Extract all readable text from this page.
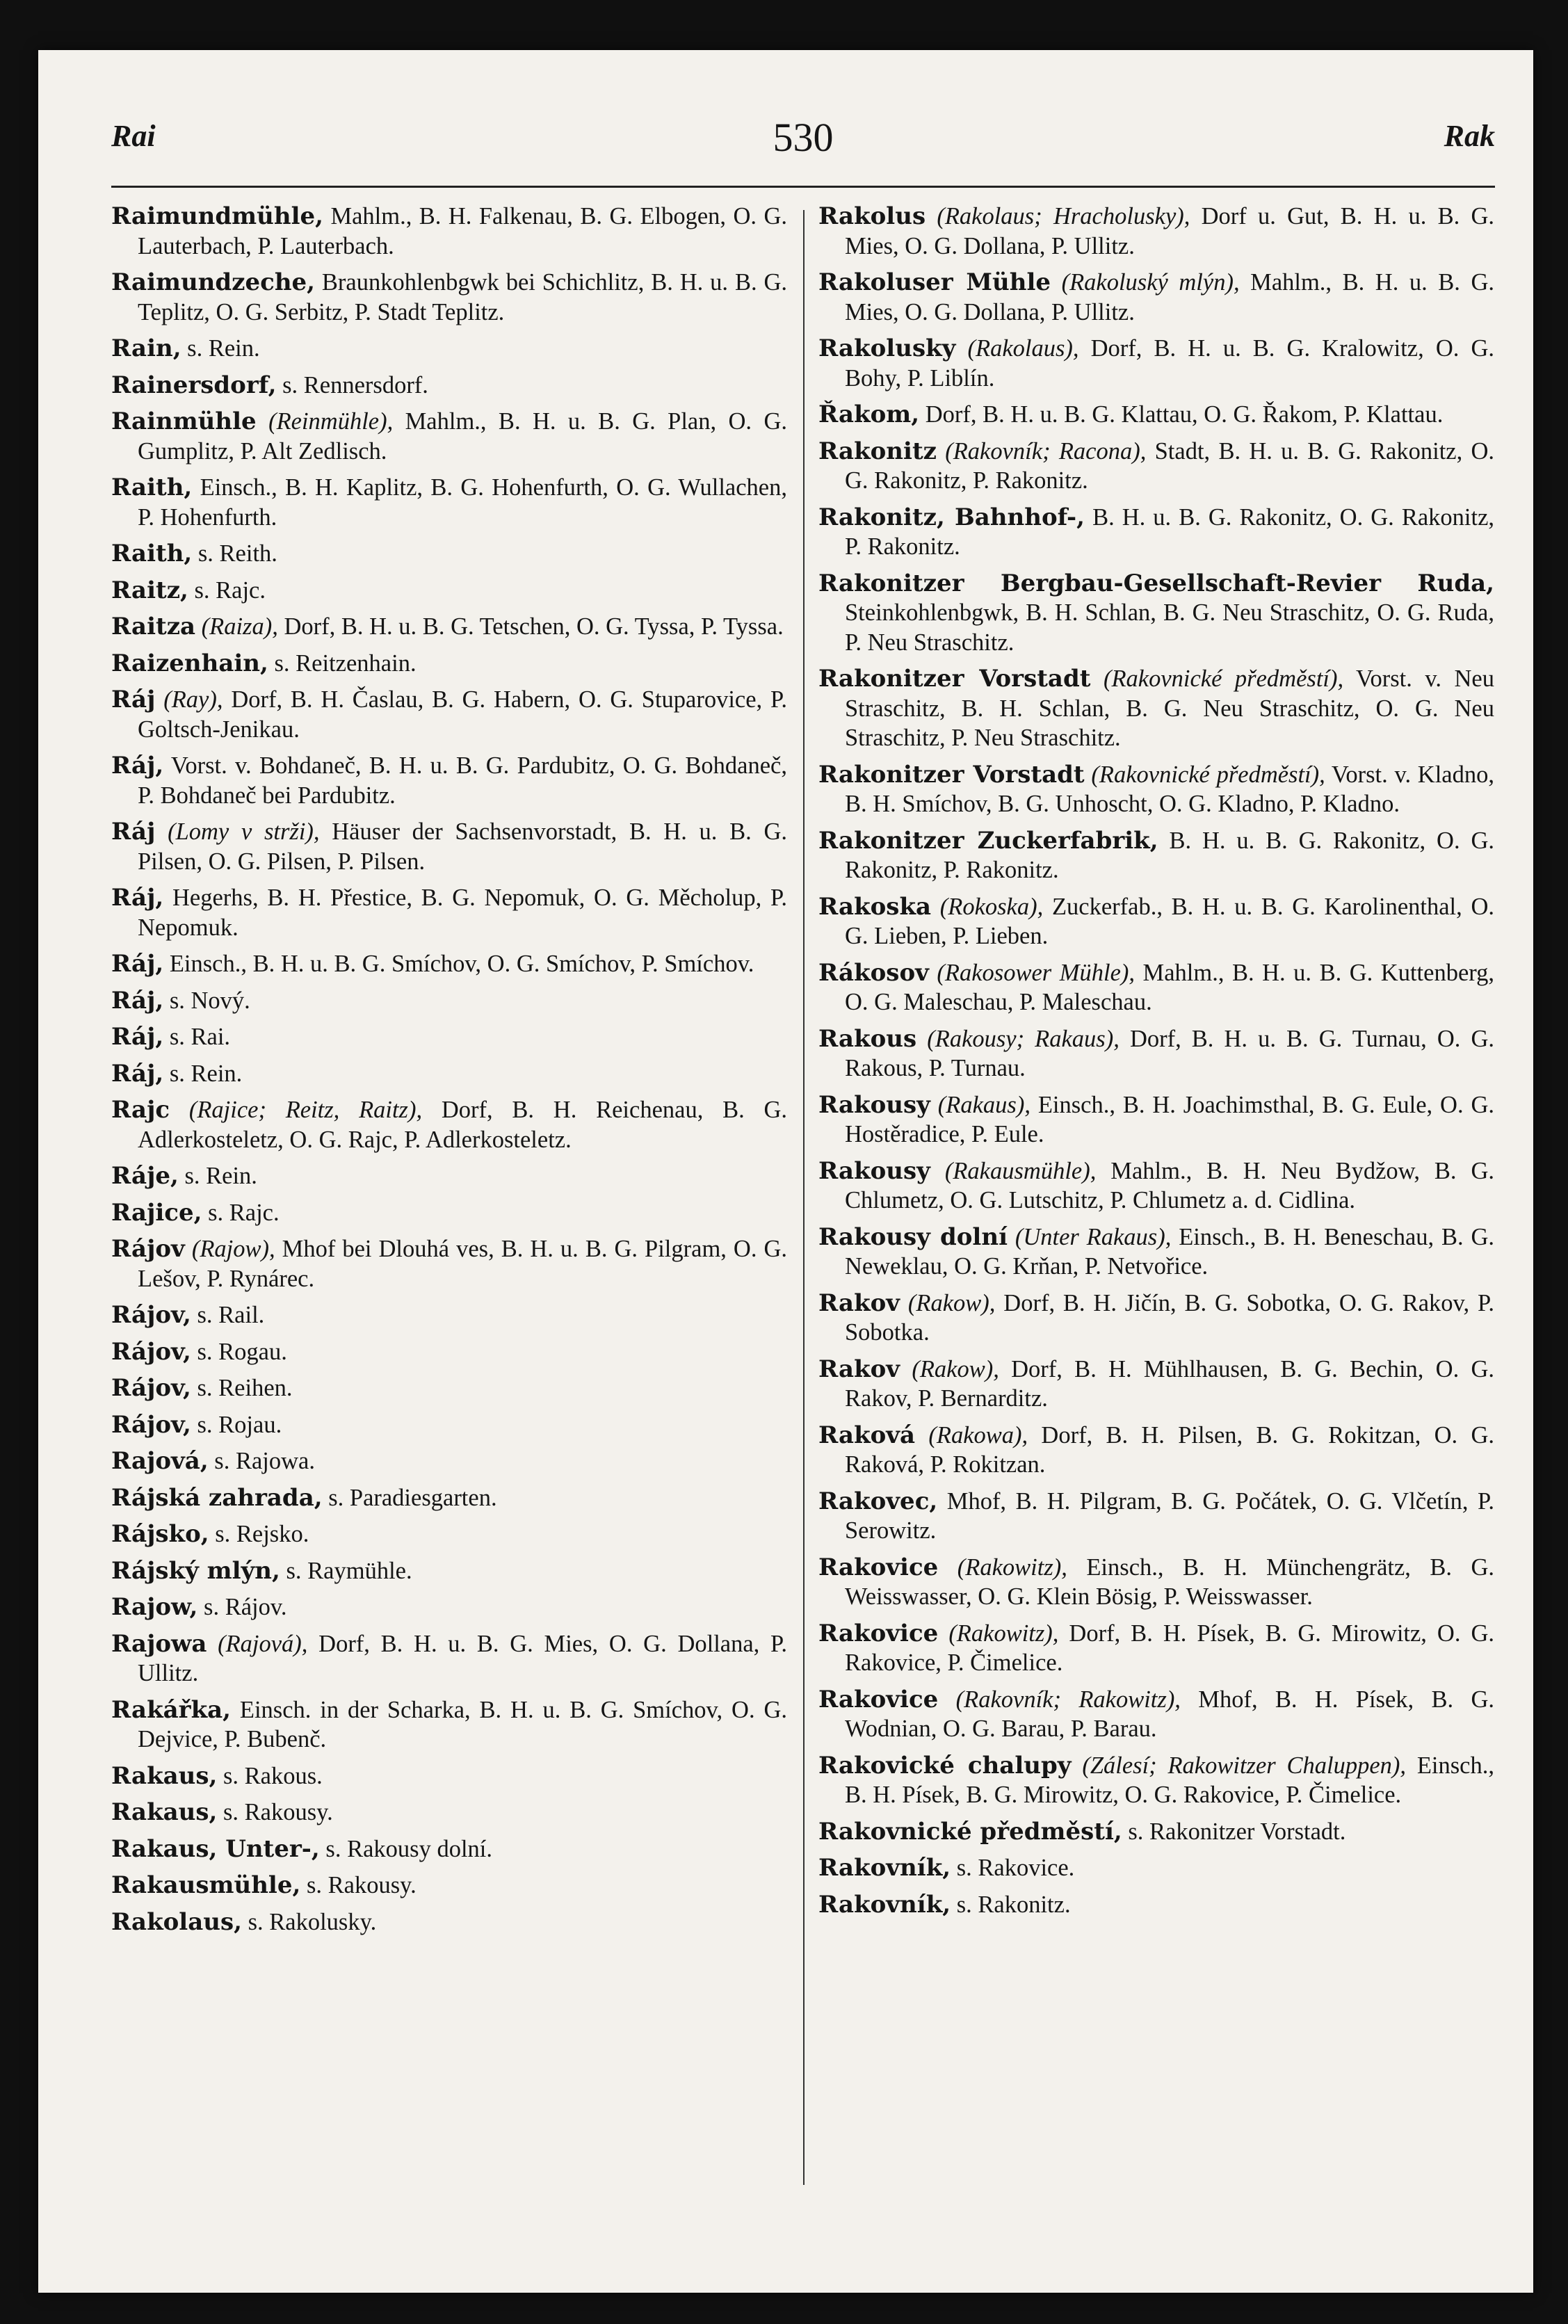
Rai	530	Rak

Raimundmühle, Mahlm., B. H. Falkenau, B. G. Elbogen, O. G. Lauterbach, P. Lauterbach.

Raimundzeche, Braunkohlenbgwk bei Schichlitz, B. H. u. B. G. Teplitz, O. G. Serbitz, P. Stadt Teplitz.

Rain, s. Rein.

Rainersdorf, s. Rennersdorf.

Rainmühle (Reinmühle), Mahlm., B. H. u. B. G. Plan, O. G. Gumplitz, P. Alt Zedlisch.

Raith, Einsch., B. H. Kaplitz, B. G. Hohenfurth, O. G. Wullachen, P. Hohenfurth.

Raith, s. Reith.

Raitz, s. Rajc.

Raitza (Raiza), Dorf, B. H. u. B. G. Tetschen, O. G. Tyssa, P. Tyssa.

Raizenhain, s. Reitzenhain.

Ráj (Ray), Dorf, B. H. Časlau, B. G. Habern, O. G. Stuparovice, P. Goltsch-Jenikau.

Ráj, Vorst. v. Bohdaneč, B. H. u. B. G. Pardubitz, O. G. Bohdaneč, P. Bohdaneč bei Pardubitz.

Ráj (Lomy v strži), Häuser der Sachsenvorstadt, B. H. u. B. G. Pilsen, O. G. Pilsen, P. Pilsen.

Ráj, Hegerhs, B. H. Přestice, B. G. Nepomuk, O. G. Měcholup, P. Nepomuk.

Ráj, Einsch., B. H. u. B. G. Smíchov, O. G. Smíchov, P. Smíchov.

Ráj, s. Nový.

Ráj, s. Rai.

Ráj, s. Rein.

Rajc (Rajice; Reitz, Raitz), Dorf, B. H. Reichenau, B. G. Adlerkosteletz, O. G. Rajc, P. Adlerkosteletz.

Ráje, s. Rein.

Rajice, s. Rajc.

Rájov (Rajow), Mhof bei Dlouhá ves, B. H. u. B. G. Pilgram, O. G. Lešov, P. Rynárec.

Rájov, s. Rail.

Rájov, s. Rogau.

Rájov, s. Reihen.

Rájov, s. Rojau.

Rajová, s. Rajowa.

Rájská zahrada, s. Paradiesgarten.

Rájsko, s. Rejsko.

Rájský mlýn, s. Raymühle.

Rajow, s. Rájov.

Rajowa (Rajová), Dorf, B. H. u. B. G. Mies, O. G. Dollana, P. Ullitz.

Rakářka, Einsch. in der Scharka, B. H. u. B. G. Smíchov, O. G. Dejvice, P. Bubenč.

Rakaus, s. Rakous.

Rakaus, s. Rakousy.

Rakaus, Unter-, s. Rakousy dolní.

Rakausmühle, s. Rakousy.

Rakolaus, s. Rakolusky.

Rakolus (Rakolaus; Hracholusky), Dorf u. Gut, B. H. u. B. G. Mies, O. G. Dollana, P. Ullitz.

Rakoluser Mühle (Rakoluský mlýn), Mahlm., B. H. u. B. G. Mies, O. G. Dollana, P. Ullitz.

Rakolusky (Rakolaus), Dorf, B. H. u. B. G. Kralowitz, O. G. Bohy, P. Liblín.

Řakom, Dorf, B. H. u. B. G. Klattau, O. G. Řakom, P. Klattau.

Rakonitz (Rakovník; Racona), Stadt, B. H. u. B. G. Rakonitz, O. G. Rakonitz, P. Rakonitz.

Rakonitz, Bahnhof-, B. H. u. B. G. Rakonitz, O. G. Rakonitz, P. Rakonitz.

Rakonitzer Bergbau-Gesellschaft-Revier Ruda, Steinkohlenbgwk, B. H. Schlan, B. G. Neu Straschitz, O. G. Ruda, P. Neu Straschitz.

Rakonitzer Vorstadt (Rakovnické předměstí), Vorst. v. Neu Straschitz, B. H. Schlan, B. G. Neu Straschitz, O. G. Neu Straschitz, P. Neu Straschitz.

Rakonitzer Vorstadt (Rakovnické předměstí), Vorst. v. Kladno, B. H. Smíchov, B. G. Unhoscht, O. G. Kladno, P. Kladno.

Rakonitzer Zuckerfabrik, B. H. u. B. G. Rakonitz, O. G. Rakonitz, P. Rakonitz.

Rakoska (Rokoska), Zuckerfab., B. H. u. B. G. Karolinenthal, O. G. Lieben, P. Lieben.

Rákosov (Rakosower Mühle), Mahlm., B. H. u. B. G. Kuttenberg, O. G. Maleschau, P. Maleschau.

Rakous (Rakousy; Rakaus), Dorf, B. H. u. B. G. Turnau, O. G. Rakous, P. Turnau.

Rakousy (Rakaus), Einsch., B. H. Joachimsthal, B. G. Eule, O. G. Hostěradice, P. Eule.

Rakousy (Rakausmühle), Mahlm., B. H. Neu Bydžow, B. G. Chlumetz, O. G. Lutschitz, P. Chlumetz a. d. Cidlina.

Rakousy dolní (Unter Rakaus), Einsch., B. H. Beneschau, B. G. Neweklau, O. G. Krňan, P. Netvořice.

Rakov (Rakow), Dorf, B. H. Jičín, B. G. Sobotka, O. G. Rakov, P. Sobotka.

Rakov (Rakow), Dorf, B. H. Mühlhausen, B. G. Bechin, O. G. Rakov, P. Bernarditz.

Raková (Rakowa), Dorf, B. H. Pilsen, B. G. Rokitzan, O. G. Raková, P. Rokitzan.

Rakovec, Mhof, B. H. Pilgram, B. G. Počátek, O. G. Vlčetín, P. Serowitz.

Rakovice (Rakowitz), Einsch., B. H. Münchengrätz, B. G. Weisswasser, O. G. Klein Bösig, P. Weisswasser.

Rakovice (Rakowitz), Dorf, B. H. Písek, B. G. Mirowitz, O. G. Rakovice, P. Čimelice.

Rakovice (Rakovník; Rakowitz), Mhof, B. H. Písek, B. G. Wodnian, O. G. Barau, P. Barau.

Rakovické chalupy (Zálesí; Rakowitzer Chaluppen), Einsch., B. H. Písek, B. G. Mirowitz, O. G. Rakovice, P. Čimelice.

Rakovnické předměstí, s. Rakonitzer Vorstadt.

Rakovník, s. Rakovice.

Rakovník, s. Rakonitz.
